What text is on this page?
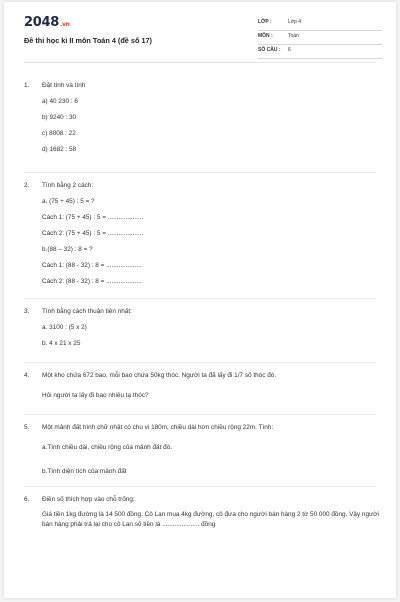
2048.vn
Đề thi học kì II môn Toán 4 (đề số 17)
LỚP :	Lớp 4
MÔN :	Toán
SỐ CÂU : 6
1. Đặt tính và tính
a) 40 230 : 6
b) 9240 : 30
c) 8008 : 22
d) 1682 : 58
2. Tính bằng 2 cách:
a. (75 + 45) : 5 = ?
Cách 1: (75 + 45) : 5 = ....................
Cách 2: (75 + 45) : 5 = ....................
b.(88 – 32) : 8 = ?
Cách 1: (88 - 32) : 8 = ....................
Cách 2: (88 - 32) : 8 = ....................
3. Tính bằng cách thuận tiện nhất:
a. 3100 : (5 x 2)
b. 4 x 21 x 25
4. Một kho chứa 672 bao, mỗi bao chứa 50kg thóc. Người ta đã lấy đi 1/7 số thóc đó.
Hỏi người ta lấy đi bao nhiêu tạ thóc?
5. Một mảnh đất hình chữ nhật có chu vi 180m, chiều dài hơn chiều rộng 22m. Tính:
a.Tính chiều dài, chiều rộng của mảnh đất đó.
b.Tính diện tích của mảnh đất
6. Điền số thích hợp vào chỗ trống:
Giá tiền 1kg đường là 14 500 đồng. Cô Lan mua 4kg đường, cô đưa cho người bán hàng 2 tờ 50 000 đồng. Vậy người bán hàng phải trả lại cho cô Lan số tiền là ..................... đồng
